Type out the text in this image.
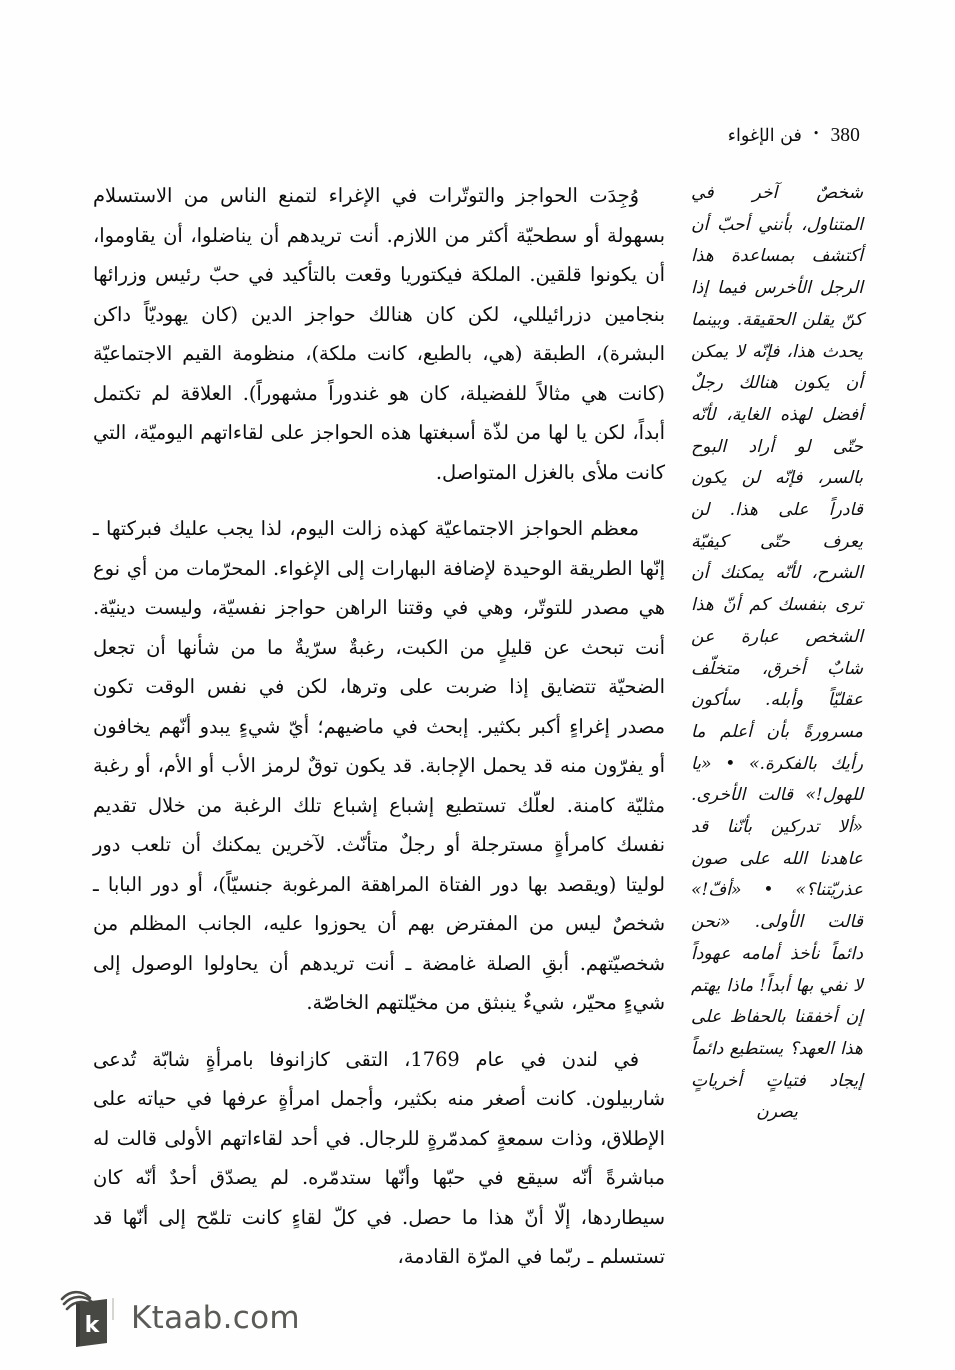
380
•
فن الإغواء

وُجِدَت الحواجز والتوتّرات في الإغراء لتمنع الناس من الاستسلام بسهولة أو سطحيّة أكثر من اللازم. أنت تريدهم أن يناضلوا، أن يقاوموا، أن يكونوا قلقين. الملكة فيكتوريا وقعت بالتأكيد في حبّ رئيس وزرائها بنجامين دزرائيللي، لكن كان هنالك حواجز الدين (كان يهوديّاً داكن البشرة)، الطبقة (هي، بالطبع، كانت ملكة)، منظومة القيم الاجتماعيّة (كانت هي مثالاً للفضيلة، كان هو غندوراً مشهوراً). العلاقة لم تكتمل أبداً، لكن يا لها من لذّة أسبغتها هذه الحواجز على لقاءاتهم اليوميّة، التي كانت ملأى بالغزل المتواصل.

معظم الحواجز الاجتماعيّة كهذه زالت اليوم، لذا يجب عليك فبركتها ـ إنّها الطريقة الوحيدة لإضافة البهارات إلى الإغواء. المحرّمات من أي نوع هي مصدر للتوتّر، وهي في وقتنا الراهن حواجز نفسيّة، وليست دينيّة. أنت تبحث عن قليلٍ من الكبت، رغبةٌ سرّيةٌ ما من شأنها أن تجعل الضحيّة تتضايق إذا ضربت على وترها، لكن في نفس الوقت تكون مصدر إغراءٍ أكبر بكثير. إبحث في ماضيهم؛ أيّ شيءٍ يبدو أنّهم يخافون أو يفرّون منه قد يحمل الإجابة. قد يكون توقٌ لرمز الأب أو الأم، أو رغبة مثليّة كامنة. لعلّك تستطيع إشباع إشباع تلك الرغبة من خلال تقديم نفسك كامرأةٍ مسترجلة أو رجلٌ متأنّث. لآخرين يمكنك أن تلعب دور لوليتا (ويقصد بها دور الفتاة المراهقة المرغوبة جنسيّاً)، أو دور البابا ـ شخصٌ ليس من المفترض بهم أن يحوزوا عليه، الجانب المظلم من شخصيّتهم. أبقِ الصلة غامضة ـ أنت تريدهم أن يحاولوا الوصول إلى شيءٍ محيّر، شيءٌ ينبثق من مخيّلتهم الخاصّة.

في لندن في عام 1769، التقى كازانوفا بامرأةٍ شابّة تُدعى شاربيلون. كانت أصغر منه بكثير، وأجمل امرأةٍ عرفها في حياته على الإطلاق، وذات سمعةٍ كمدمّرةٍ للرجال. في أحد لقاءاتهم الأولى قالت له مباشرةً أنّه سيقع في حبّها وأنّها ستدمّره. لم يصدّق أحدٌ أنّه كان سيطاردها، إلّا أنّ هذا ما حصل. في كلّ لقاءٍ كانت تلمّح إلى أنّها قد تستسلم ـ ربّما في المرّة القادمة،

شخصٌ آخر في المتناول، بأنني أحبّ أن أكتشف بمساعدة هذا الرجل الأخرس فيما إذا كنّ يقلن الحقيقة. وبينما يحدث هذا، فإنّه لا يمكن أن يكون هنالك رجلٌ أفضل لهذه الغاية، لأنّه حتّى لو أراد البوح بالسر، فإنّه لن يكون قادراً على هذا. لن يعرف حتّى كيفيّة الشرح، لأنّه يمكنك أن ترى بنفسك كم أنّ هذا الشخص عبارة عن شابٌ أخرق، متخلّف عقليّاً وأبله. سأكون مسرورةً بأن أعلم ما رأيك بالفكرة.» • «يا للهول!» قالت الأخرى. «ألا تدركين بأنّنا قد عاهدنا الله على صون عذريّتنا؟» • «أفّ!» قالت الأولى. «نحن دائماً نأخذ أمامه عهوداً لا نفي بها أبداً! ماذا يهتم إن أخفقنا بالحفاظ على هذا العهد؟ يستطيع دائماً إيجاد فتياتٍ أخرياتٍ يصرن

k Ktaab.com
